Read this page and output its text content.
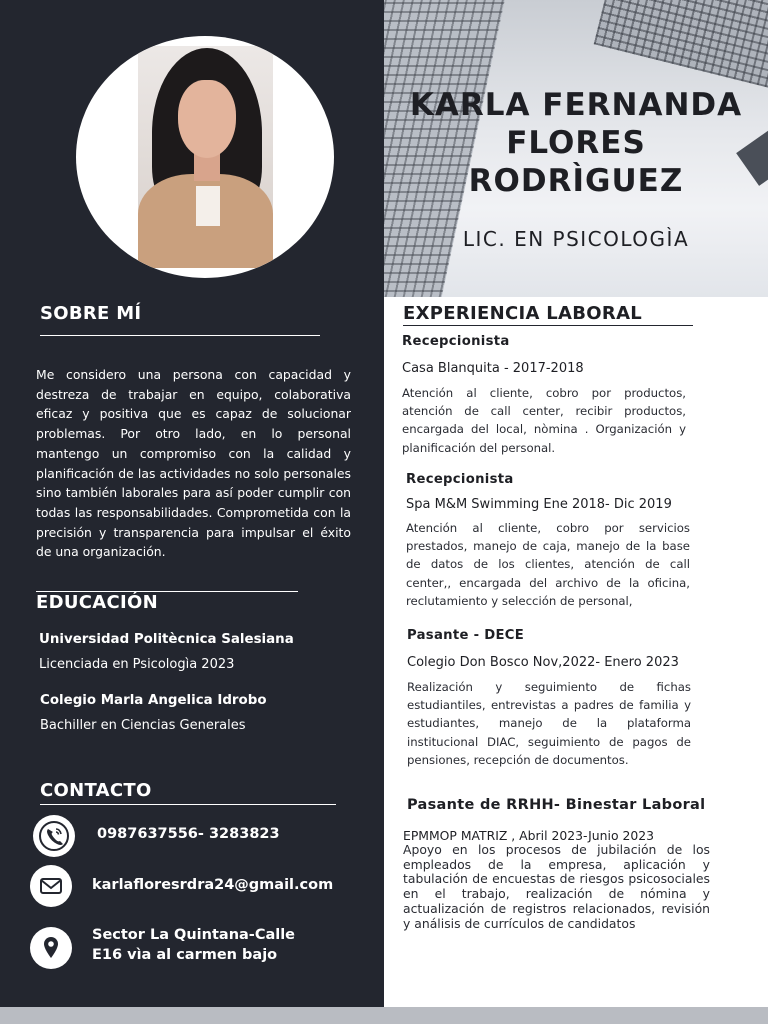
SOBRE MÍ

Me considero una persona con capacidad y destreza de trabajar en equipo, colaborativa eficaz y positiva que es capaz de solucionar problemas. Por otro lado, en lo personal mantengo un compromiso con la calidad y planificación de las actividades no solo personales sino también laborales para así poder cumplir con todas las responsabilidades. Comprometida con la precisión y transparencia para impulsar el éxito de una organización.

EDUCACIÓN
Universidad Politècnica Salesiana
Licenciada en Psicologìa 2023
Colegio Marla Angelica Idrobo
Bachiller en Ciencias Generales
CONTACTO
0987637556- 3283823
karlafloresrdra24@gmail.com
Sector La Quintana-Calle
E16 vìa al carmen bajo
KARLA FERNANDA
FLORES
RODRÌGUEZ
LIC. EN PSICOLOGÌA
EXPERIENCIA LABORAL
Recepcionista
Casa Blanquita - 2017-2018

Atención al cliente, cobro por productos, atención de call center, recibir productos, encargada del local, nòmina . Organización y planificación del personal.

Recepcionista
Spa M&M Swimming Ene 2018- Dic 2019

Atención al cliente, cobro por servicios prestados, manejo de caja, manejo de la base de datos de los clientes, atención de call center,, encargada del archivo de la oficina, reclutamiento y selección de personal,

Pasante - DECE
Colegio Don Bosco Nov,2022- Enero 2023

Realización y seguimiento de fichas estudiantiles, entrevistas a padres de familia y estudiantes, manejo de la plataforma institucional DIAC, seguimiento de pagos de pensiones, recepción de documentos.

Pasante de RRHH- Binestar Laboral
EPMMOP MATRIZ , Abril 2023-Junio 2023

Apoyo en los procesos de jubilación de los empleados de la empresa, aplicación y tabulación de encuestas de riesgos psicosociales en el trabajo, realización de nómina y actualización de registros relacionados, revisión y análisis de currículos de candidatos
